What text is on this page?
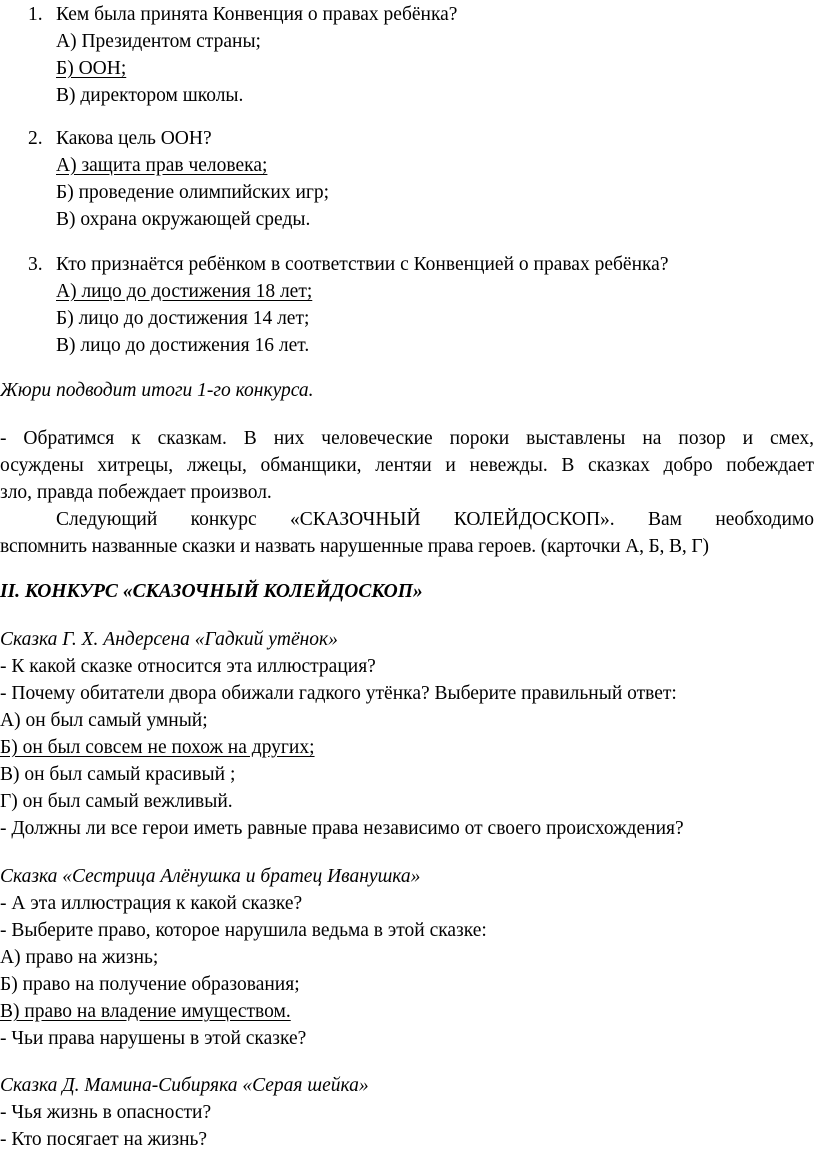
1. Кем была принята Конвенция о правах ребёнка?
А) Президентом страны;
Б) ООН;
В) директором школы.
2. Какова цель ООН?
А) защита прав человека;
Б) проведение олимпийских игр;
В) охрана окружающей среды.
3. Кто признаётся ребёнком в соответствии с Конвенцией о правах ребёнка?
А) лицо до достижения 18 лет;
Б) лицо до достижения 14 лет;
В) лицо до достижения 16 лет.
Жюри подводит итоги 1-го конкурса.
- Обратимся к сказкам. В них человеческие пороки выставлены на позор и смех,
осуждены хитрецы, лжецы, обманщики, лентяи и невежды. В сказках добро побеждает
зло, правда побеждает произвол.
Следующий конкурс «СКАЗОЧНЫЙ КОЛЕЙДОСКОП». Вам необходимо
вспомнить названные сказки и назвать нарушенные права героев. (карточки А, Б, В, Г)
II. КОНКУРС «СКАЗОЧНЫЙ КОЛЕЙДОСКОП»
Сказка Г. Х. Андерсена «Гадкий утёнок»
- К какой сказке относится эта иллюстрация?
- Почему обитатели двора обижали гадкого утёнка? Выберите правильный ответ:
А) он был самый умный;
Б) он был совсем не похож на других;
В) он был самый красивый ;
Г) он был самый вежливый.
- Должны ли все герои иметь равные права независимо от своего происхождения?
Сказка «Сестрица Алёнушка и братец Иванушка»
- А эта иллюстрация к какой сказке?
- Выберите право, которое нарушила ведьма в этой сказке:
А) право на жизнь;
Б) право на получение образования;
В) право на владение имуществом.
- Чьи права нарушены в этой сказке?
Сказка Д. Мамина-Сибиряка «Серая шейка»
- Чья жизнь в опасности?
- Кто посягает на жизнь?
